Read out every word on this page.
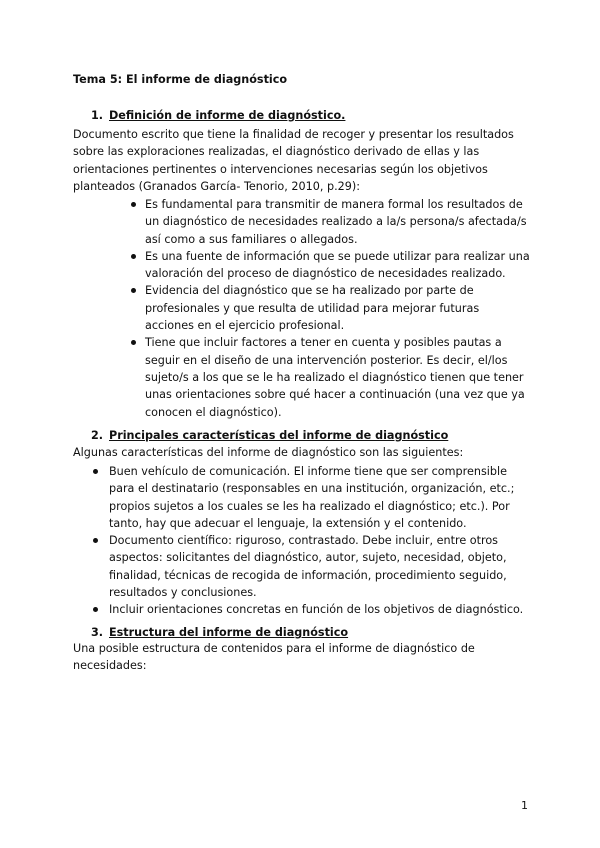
Tema 5: El informe de diagnóstico
1. Definición de informe de diagnóstico.
Documento escrito que tiene la finalidad de recoger y presentar los resultados sobre las exploraciones realizadas, el diagnóstico derivado de ellas y las orientaciones pertinentes o intervenciones necesarias según los objetivos planteados (Granados García- Tenorio, 2010, p.29):
Es fundamental para transmitir de manera formal los resultados de un diagnóstico de necesidades realizado a la/s persona/s afectada/s así como a sus familiares o allegados.
Es una fuente de información que se puede utilizar para realizar una valoración del proceso de diagnóstico de necesidades realizado.
Evidencia del diagnóstico que se ha realizado por parte de profesionales y que resulta de utilidad para mejorar futuras acciones en el ejercicio profesional.
Tiene que incluir factores a tener en cuenta y posibles pautas a seguir en el diseño de una intervención posterior. Es decir, el/los sujeto/s a los que se le ha realizado el diagnóstico tienen que tener unas orientaciones sobre qué hacer a continuación (una vez que ya conocen el diagnóstico).
2. Principales características del informe de diagnóstico
Algunas características del informe de diagnóstico son las siguientes:
Buen vehículo de comunicación. El informe tiene que ser comprensible para el destinatario (responsables en una institución, organización, etc.; propios sujetos a los cuales se les ha realizado el diagnóstico; etc.). Por tanto, hay que adecuar el lenguaje, la extensión y el contenido.
Documento científico: riguroso, contrastado. Debe incluir, entre otros aspectos: solicitantes del diagnóstico, autor, sujeto, necesidad, objeto, finalidad, técnicas de recogida de información, procedimiento seguido, resultados y conclusiones.
Incluir orientaciones concretas en función de los objetivos de diagnóstico.
3. Estructura del informe de diagnóstico
Una posible estructura de contenidos para el informe de diagnóstico de necesidades:
1
